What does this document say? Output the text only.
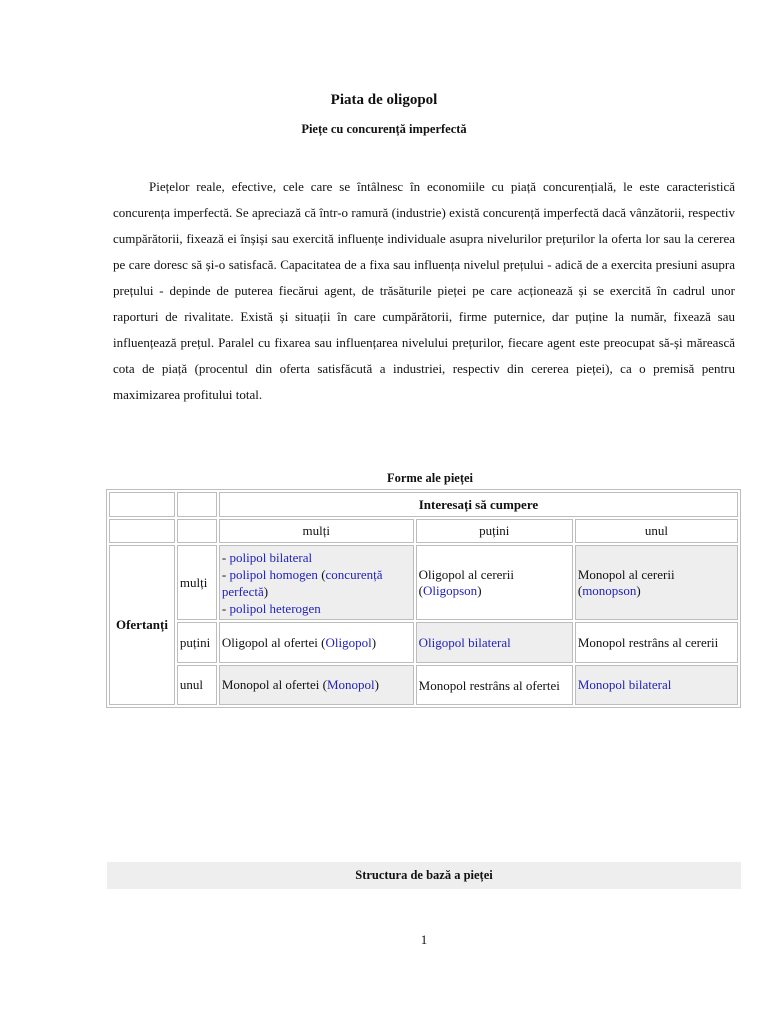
Piata de oligopol
Piețe cu concurență imperfectă

Piețelor reale, efective, cele care se întâlnesc în economiile cu piață concurențială, le este caracteristică concurența imperfectă. Se apreciază că într-o ramură (industrie) există concurență imperfectă dacă vânzătorii, respectiv cumpărătorii, fixează ei înșiși sau exercită influențe individuale asupra nivelurilor prețurilor la oferta lor sau la cererea pe care doresc să și-o satisfacă. Capacitatea de a fixa sau influența nivelul prețului - adică de a exercita presiuni asupra prețului - depinde de puterea fiecărui agent, de trăsăturile pieței pe care acționează și se exercită în cadrul unor raporturi de rivalitate. Există și situații în care cumpărătorii, firme puternice, dar puține la număr, fixează sau influențează prețul. Paralel cu fixarea sau influențarea nivelului prețurilor, fiecare agent este preocupat să-și mărească cota de piață (procentul din oferta satisfăcută a industriei, respectiv din cererea pieței), ca o premisă pentru maximizarea profitului total.

Forme ale pieței
		Interesați să cumpere		
		mulți	puțini	unul
Ofertanți	mulți	- polipol bilateral
- polipol homogen (concurență perfectă)
- polipol heterogen	Oligopol al cererii (Oligopson)	Monopol al cererii (monopson)
	puțini	Oligopol al ofertei (Oligopol)	Oligopol bilateral	Monopol restrâns al cererii
	unul	Monopol al ofertei (Monopol)	Monopol restrâns al ofertei	Monopol bilateral
Structura de bază a pieței
1
